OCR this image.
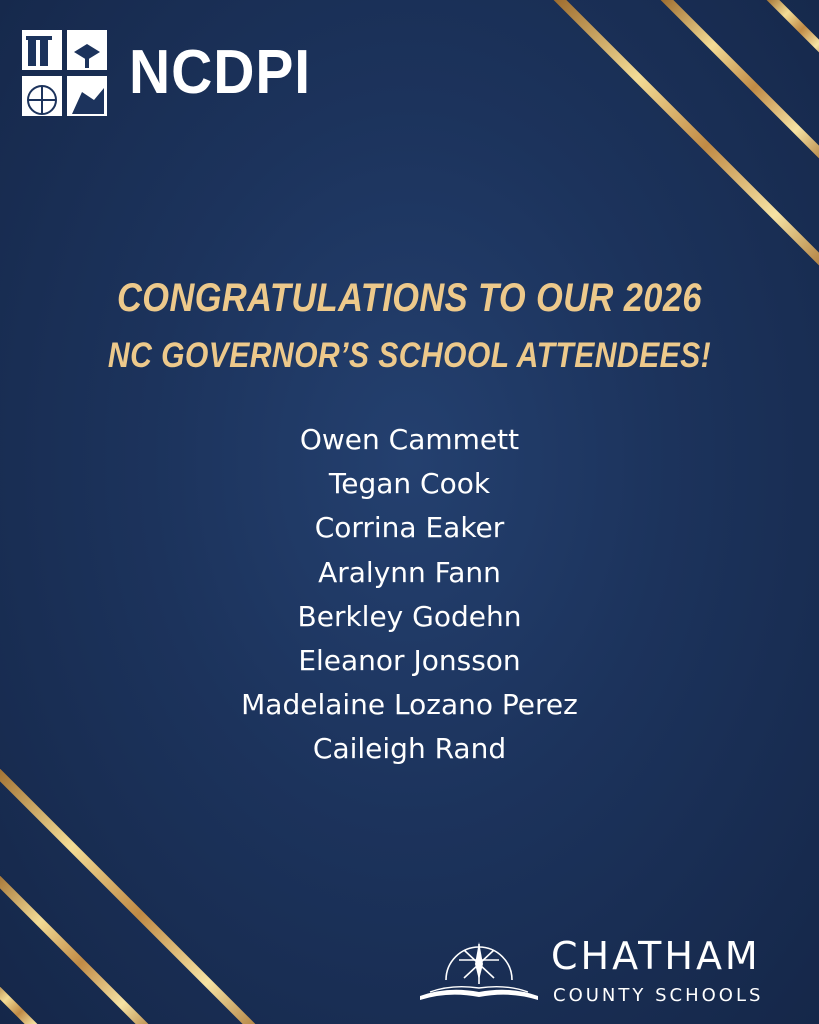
NCDPI
CONGRATULATIONS TO OUR 2026
NC GOVERNOR’S SCHOOL ATTENDEES!
Owen Cammett
Tegan Cook
Corrina Eaker
Aralynn Fann
Berkley Godehn
Eleanor Jonsson
Madelaine Lozano Perez
Caileigh Rand
CHATHAM
COUNTY SCHOOLS
